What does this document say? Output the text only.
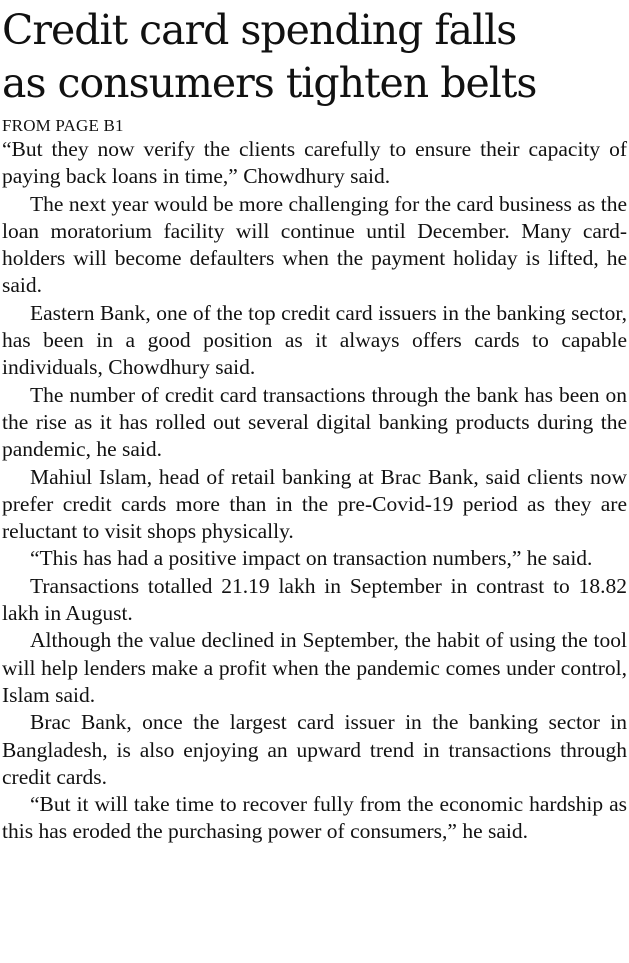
Credit card spending falls
as consumers tighten belts
FROM PAGE B1

“But they now verify the clients carefully to ensure their capacity of paying back loans in time,” Chowdhury said.

The next year would be more challenging for the card business as the loan moratorium facility will continue until December. Many card-holders will become defaulters when the payment holiday is lifted, he said.

Eastern Bank, one of the top credit card issuers in the banking sector, has been in a good position as it always offers cards to capable individuals, Chowdhury said.

The number of credit card transactions through the bank has been on the rise as it has rolled out several digital banking products during the pandemic, he said.

Mahiul Islam, head of retail banking at Brac Bank, said clients now prefer credit cards more than in the pre-Covid-19 period as they are reluctant to visit shops physically.

“This has had a positive impact on transaction numbers,” he said.

Transactions totalled 21.19 lakh in September in contrast to 18.82 lakh in August.

Although the value declined in September, the habit of using the tool will help lenders make a profit when the pandemic comes under control, Islam said.

Brac Bank, once the largest card issuer in the banking sector in Bangladesh, is also enjoying an upward trend in transactions through credit cards.

“But it will take time to recover fully from the economic hardship as this has eroded the purchasing power of consumers,” he said.
